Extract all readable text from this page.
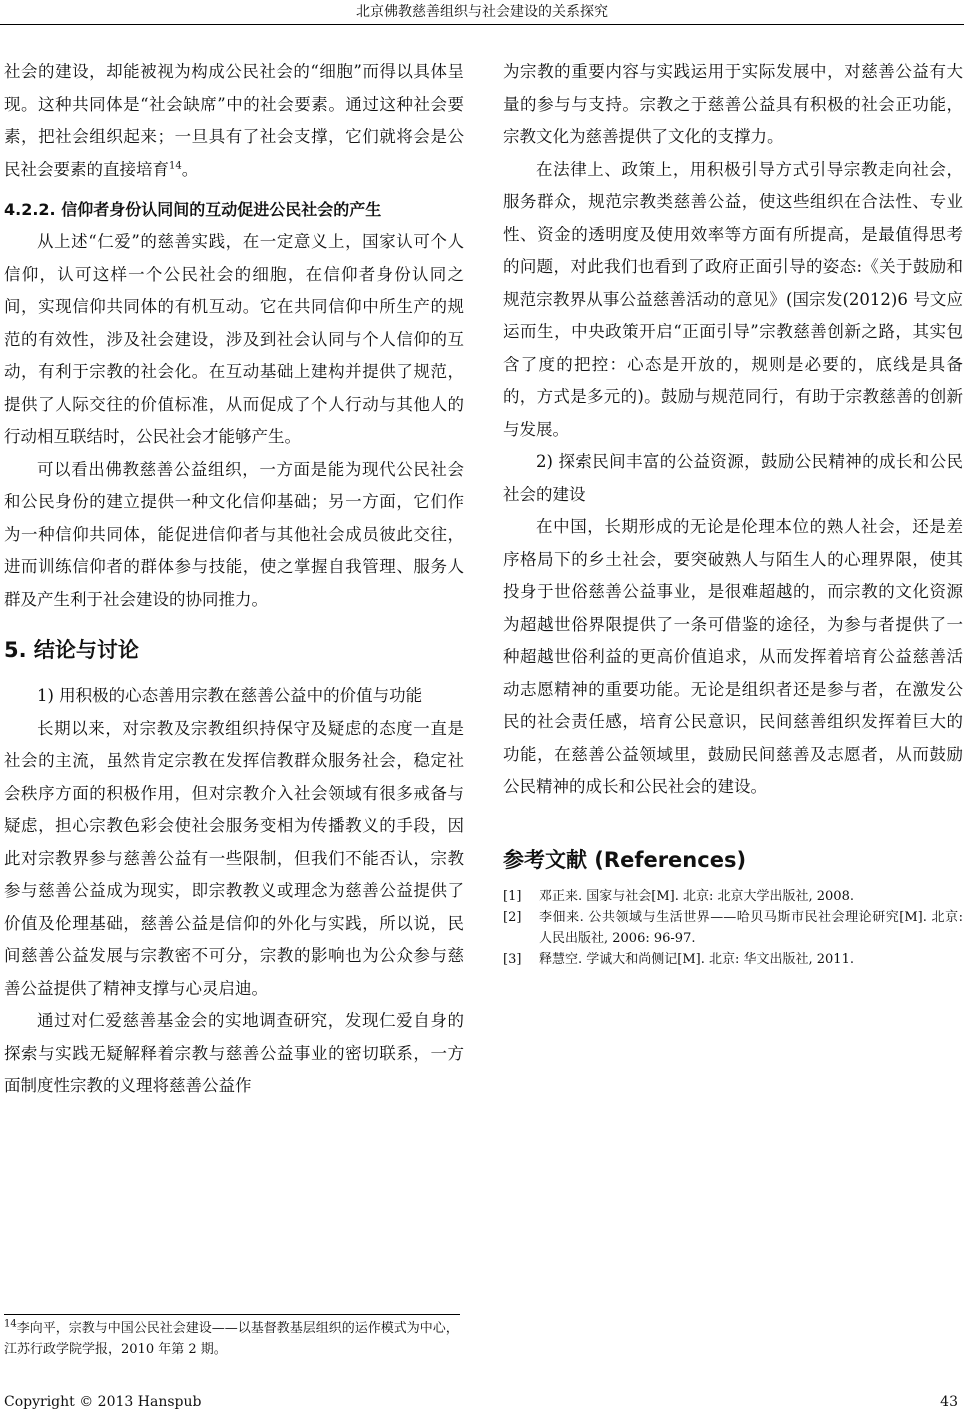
北京佛教慈善组织与社会建设的关系探究

社会的建设，却能被视为构成公民社会的“细胞”而得以具体呈现。这种共同体是“社会缺席”中的社会要素。通过这种社会要素，把社会组织起来；一旦具有了社会支撑，它们就将会是公民社会要素的直接培育$^{14}$。

4.2.2. 信仰者身份认同间的互动促进公民社会的产生

从上述“仁爱”的慈善实践，在一定意义上，国家认可个人信仰，认可这样一个公民社会的细胞，在信仰者身份认同之间，实现信仰共同体的有机互动。它在共同信仰中所生产的规范的有效性，涉及社会建设，涉及到社会认同与个人信仰的互动，有利于宗教的社会化。在互动基础上建构并提供了规范，提供了人际交往的价值标准，从而促成了个人行动与其他人的行动相互联结时，公民社会才能够产生。

可以看出佛教慈善公益组织，一方面是能为现代公民社会和公民身份的建立提供一种文化信仰基础；另一方面，它们作为一种信仰共同体，能促进信仰者与其他社会成员彼此交往，进而训练信仰者的群体参与技能，使之掌握自我管理、服务人群及产生利于社会建设的协同推力。

5. 结论与讨论

1) 用积极的心态善用宗教在慈善公益中的价值与功能

长期以来，对宗教及宗教组织持保守及疑虑的态度一直是社会的主流，虽然肯定宗教在发挥信教群众服务社会，稳定社会秩序方面的积极作用，但对宗教介入社会领域有很多戒备与疑虑，担心宗教色彩会使社会服务变相为传播教义的手段，因此对宗教界参与慈善公益有一些限制，但我们不能否认，宗教参与慈善公益成为现实，即宗教教义或理念为慈善公益提供了价值及伦理基础，慈善公益是信仰的外化与实践，所以说，民间慈善公益发展与宗教密不可分，宗教的影响也为公众参与慈善公益提供了精神支撑与心灵启迪。

通过对仁爱慈善基金会的实地调查研究，发现仁爱自身的探索与实践无疑解释着宗教与慈善公益事业的密切联系，一方面制度性宗教的义理将慈善公益作

为宗教的重要内容与实践运用于实际发展中，对慈善公益有大量的参与与支持。宗教之于慈善公益具有积极的社会正功能，宗教文化为慈善提供了文化的支撑力。

在法律上、政策上，用积极引导方式引导宗教走向社会，服务群众，规范宗教类慈善公益，使这些组织在合法性、专业性、资金的透明度及使用效率等方面有所提高，是最值得思考的问题，对此我们也看到了政府正面引导的姿态:《关于鼓励和规范宗教界从事公益慈善活动的意见》(国宗发(2012)6 号文应运而生，中央政策开启“正面引导”宗教慈善创新之路，其实包含了度的把控：心态是开放的，规则是必要的，底线是具备的，方式是多元的)。鼓励与规范同行，有助于宗教慈善的创新与发展。

2) 探索民间丰富的公益资源，鼓励公民精神的成长和公民社会的建设

在中国，长期形成的无论是伦理本位的熟人社会，还是差序格局下的乡土社会，要突破熟人与陌生人的心理界限，使其投身于世俗慈善公益事业，是很难超越的，而宗教的文化资源为超越世俗界限提供了一条可借鉴的途径，为参与者提供了一种超越世俗利益的更高价值追求，从而发挥着培育公益慈善活动志愿精神的重要功能。无论是组织者还是参与者，在激发公民的社会责任感，培育公民意识，民间慈善组织发挥着巨大的功能，在慈善公益领域里，鼓励民间慈善及志愿者，从而鼓励公民精神的成长和公民社会的建设。

参考文献 (References)
[1]	邓正来. 国家与社会[M]. 北京: 北京大学出版社, 2008.
[2]	李佃来. 公共领域与生活世界——哈贝马斯市民社会理论研究[M]. 北京: 人民出版社, 2006: 96-97.
[3]	释慧空. 学诚大和尚侧记[M]. 北京: 华文出版社, 2011.
$^{14}$李向平，宗教与中国公民社会建设——以基督教基层组织的运作模式为中心，江苏行政学院学报，2010 年第 2 期。
Copyright © 2013 Hanspub	43
